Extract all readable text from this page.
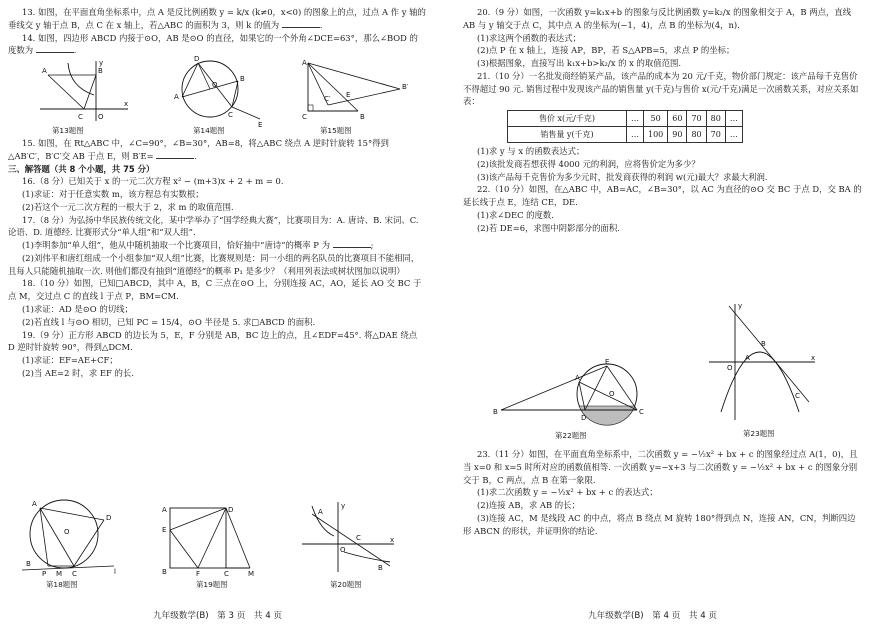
13. 如图，在平面直角坐标系中，点 A 是反比例函数 y = k/x (k≠0，x<0) 的图象上的点，过点 A 作 y 轴的垂线交 y 轴于点 B，点 C 在 x 轴上，若△ABC 的面积为 3，则 k 的值为	.

14. 如图，四边形 ABCD 内接于⊙O，AB 是⊙O 的直径，如果它的一个外角∠DCE=63°，那么∠BOD 的度数为	.

A	B
C O
x
y
第13题图
A
B
C
D
E
O
第14题图
A
B′
B
C
C′ E
第15题图

15. 如图，在 Rt△ABC 中，∠C=90°，∠B=30°，AB=8，将△ABC 绕点 A 逆时针旋转 15°得到△AB′C′，B′C′交 AB 于点 E，则 B′E=	.

三、解答题（共 8 个小题，共 75 分）

16.（8 分）已知关于 x 的一元二次方程 x² − (m+3)x + 2 + m = 0.

(1)求证：对于任意实数 m，该方程总有实数根；

(2)若这个一元二次方程的一根大于 2，求 m 的取值范围.

17.（8 分）为弘扬中华民族传统文化，某中学举办了“国学经典大赛”，比赛项目为：A. 唐诗、B. 宋词、C. 论语、D. 道德经. 比赛形式分“单人组”和“双人组”.

(1)李明参加“单人组”，他从中随机抽取一个比赛项目，恰好抽中“唐诗”的概率 P 为	;

(2)刘伟平和唐红组成一个小组参加“双人组”比赛，比赛规则是：同一小组的两名队员的比赛项目不能相同，且每人只能随机抽取一次. 则他们都没有抽到“道德经”的概率 P₁ 是多少？（利用列表法或树状图加以说明）

18.（10 分）如图，已知□ABCD，其中 A，B，C 三点在⊙O 上，分别连接 AC，AO，延长 AO 交 BC 于点 M，交过点 C 的直线 l 于点 P，BM=CM.

(1)求证：AD 是⊙O 的切线；

(2)若直线 l 与⊙O 相切，已知 PC = 15/4，⊙O 半径是 5. 求□ABCD 的面积.

19.（9 分）正方形 ABCD 的边长为 5，E，F 分别是 AB，BC 边上的点，且∠EDF=45°. 将△DAE 绕点 D 逆时针旋转 90°，得到△DCM.

(1)求证：EF=AE+CF；

(2)当 AE=2 时，求 EF 的长.

A
D
O
P	C
M
B
l
第18题图
A	D
E
B	F	C	M
第19题图
A
B
C
O
x
y
第20题图
九年级数学(B)　第 3 页　共 4 页

20.（9 分）如图，一次函数 y=k₁x+b 的图象与反比例函数 y=k₂/x 的图象相交于 A，B 两点，直线 AB 与 y 轴交于点 C，其中点 A 的坐标为(−1，4)，点 B 的坐标为(4，n).

(1)求这两个函数的表达式；

(2)点 P 在 x 轴上，连接 AP，BP，若 S△APB=5，求点 P 的坐标；

(3)根据图象，直接写出 k₁x+b>k₂/x 的 x 的取值范围.

21.（10 分）一名批发商经销某产品，该产品的成本为 20 元/千克，物价部门规定：该产品每千克售价不得超过 90 元. 销售过程中发现该产品的销售量 y(千克)与售价 x(元/千克)满足一次函数关系，对应关系如表：

售价 x(元/千克)	…	50	60	70	80	…
销售量 y(千克)	…	100	90	80	70	…

(1)求 y 与 x 的函数表达式；

(2)该批发商若想获得 4000 元的利润，应将售价定为多少？

(3)该产品每千克售价为多少元时，批发商获得的利润 w(元)最大？求最大利润.

22.（10 分）如图，在△ABC 中，AB=AC，∠B=30°，以 AC 为直径的⊙O 交 BC 于点 D，交 BA 的延长线于点 E，连结 CE，DE.

(1)求∠DEC 的度数.

(2)若 DE=6，求图中阴影部分的面积.

B
A
E
D
C
O
第22题图
A
B
C
O
x
y
第23题图

23.（11 分）如图，在平面直角坐标系中，二次函数 y = −½x² + bx + c 的图象经过点 A(1，0)，且当 x=0 和 x=5 时所对应的函数值相等. 一次函数 y=−x+3 与二次函数 y = −½x² + bx + c 的图象分别交于 B，C 两点，点 B 在第一象限.

(1)求二次函数 y = −½x² + bx + c 的表达式；

(2)连接 AB，求 AB 的长；

(3)连接 AC，M 是线段 AC 的中点，将点 B 绕点 M 旋转 180°得到点 N，连接 AN，CN，判断四边形 ABCN 的形状，并证明你的结论.

九年级数学(B)　第 4 页　共 4 页
